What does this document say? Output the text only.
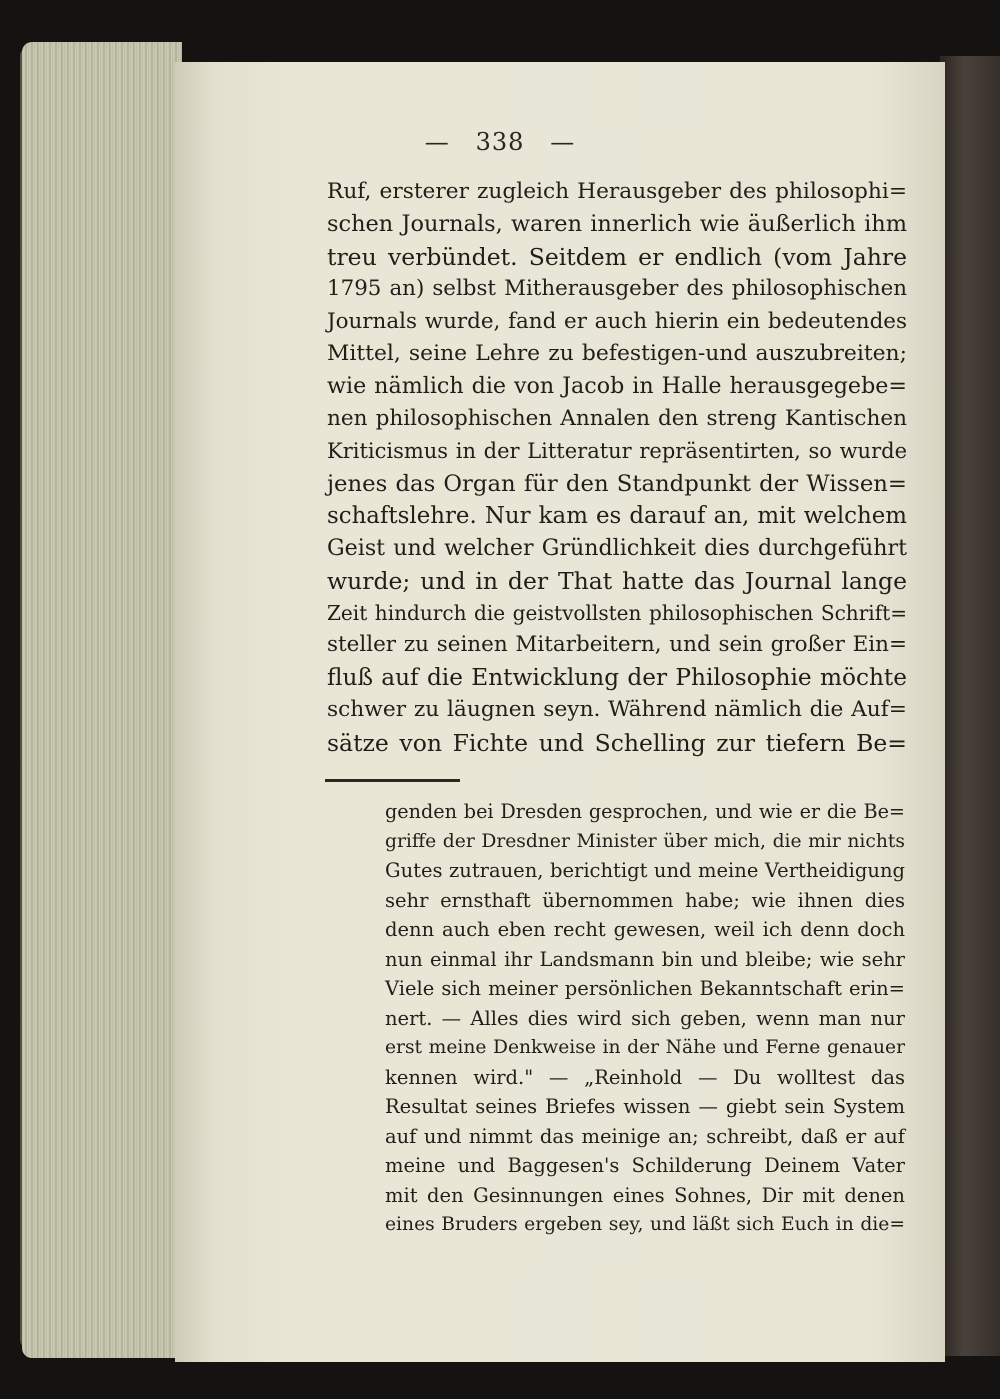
— 338 —
Ruf, ersterer zugleich Herausgeber des philosophi=
schen Journals, waren innerlich wie äußerlich ihm
treu verbündet. Seitdem er endlich (vom Jahre
1795 an) selbst Mitherausgeber des philosophischen
Journals wurde, fand er auch hierin ein bedeutendes
Mittel, seine Lehre zu befestigen-und auszubreiten;
wie nämlich die von Jacob in Halle herausgegebe=
nen philosophischen Annalen den streng Kantischen
Kriticismus in der Litteratur repräsentirten, so wurde
jenes das Organ für den Standpunkt der Wissen=
schaftslehre. Nur kam es darauf an, mit welchem
Geist und welcher Gründlichkeit dies durchgeführt
wurde; und in der That hatte das Journal lange
Zeit hindurch die geistvollsten philosophischen Schrift=
steller zu seinen Mitarbeitern, und sein großer Ein=
fluß auf die Entwicklung der Philosophie möchte
schwer zu läugnen seyn. Während nämlich die Auf=
sätze von Fichte und Schelling zur tiefern Be=
genden bei Dresden gesprochen, und wie er die Be=
griffe der Dresdner Minister über mich, die mir nichts
Gutes zutrauen, berichtigt und meine Vertheidigung
sehr ernsthaft übernommen habe; wie ihnen dies
denn auch eben recht gewesen, weil ich denn doch
nun einmal ihr Landsmann bin und bleibe; wie sehr
Viele sich meiner persönlichen Bekanntschaft erin=
nert. — Alles dies wird sich geben, wenn man nur
erst meine Denkweise in der Nähe und Ferne genauer
kennen wird." — „Reinhold — Du wolltest das
Resultat seines Briefes wissen — giebt sein System
auf und nimmt das meinige an; schreibt, daß er auf
meine und Baggesen's Schilderung Deinem Vater
mit den Gesinnungen eines Sohnes, Dir mit denen
eines Bruders ergeben sey, und läßt sich Euch in die=
